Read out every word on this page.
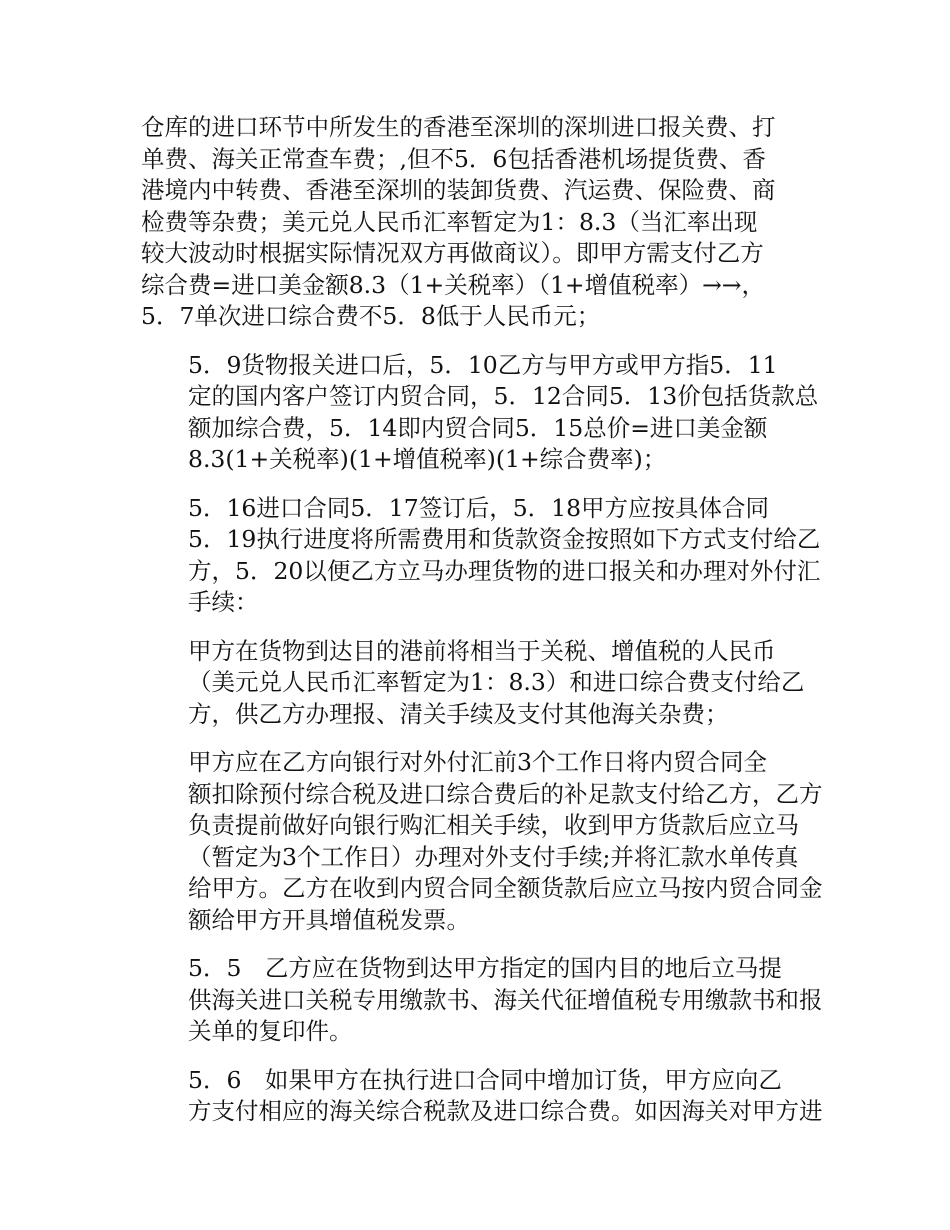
仓库的进口环节中所发生的香港至深圳的深圳进口报关费、打
单费、海关正常查车费；,但不5．6包括香港机场提货费、香
港境内中转费、香港至深圳的装卸货费、汽运费、保险费、商
检费等杂费；美元兑人民币汇率暂定为1：8.3（当汇率出现
较大波动时根据实际情况双方再做商议）。即甲方需支付乙方
综合费=进口美金额8.3（1+关税率）（1+增值税率）→→，
5．7单次进口综合费不5．8低于人民币元；
5．9货物报关进口后，5．10乙方与甲方或甲方指5．11
定的国内客户签订内贸合同，5．12合同5．13价包括货款总
额加综合费，5．14即内贸合同5．15总价=进口美金额
8.3(1+关税率)(1+增值税率)(1+综合费率)；
5．16进口合同5．17签订后，5．18甲方应按具体合同
5．19执行进度将所需费用和货款资金按照如下方式支付给乙
方，5．20以便乙方立马办理货物的进口报关和办理对外付汇
手续：
甲方在货物到达目的港前将相当于关税、增值税的人民币
（美元兑人民币汇率暂定为1：8.3）和进口综合费支付给乙
方，供乙方办理报、清关手续及支付其他海关杂费；
甲方应在乙方向银行对外付汇前3个工作日将内贸合同全
额扣除预付综合税及进口综合费后的补足款支付给乙方，乙方
负责提前做好向银行购汇相关手续，收到甲方货款后应立马
（暂定为3个工作日）办理对外支付手续;并将汇款水单传真
给甲方。乙方在收到内贸合同全额货款后应立马按内贸合同金
额给甲方开具增值税发票。
5．5　乙方应在货物到达甲方指定的国内目的地后立马提
供海关进口关税专用缴款书、海关代征增值税专用缴款书和报
关单的复印件。
5．6　如果甲方在执行进口合同中增加订货，甲方应向乙
方支付相应的海关综合税款及进口综合费。如因海关对甲方进
